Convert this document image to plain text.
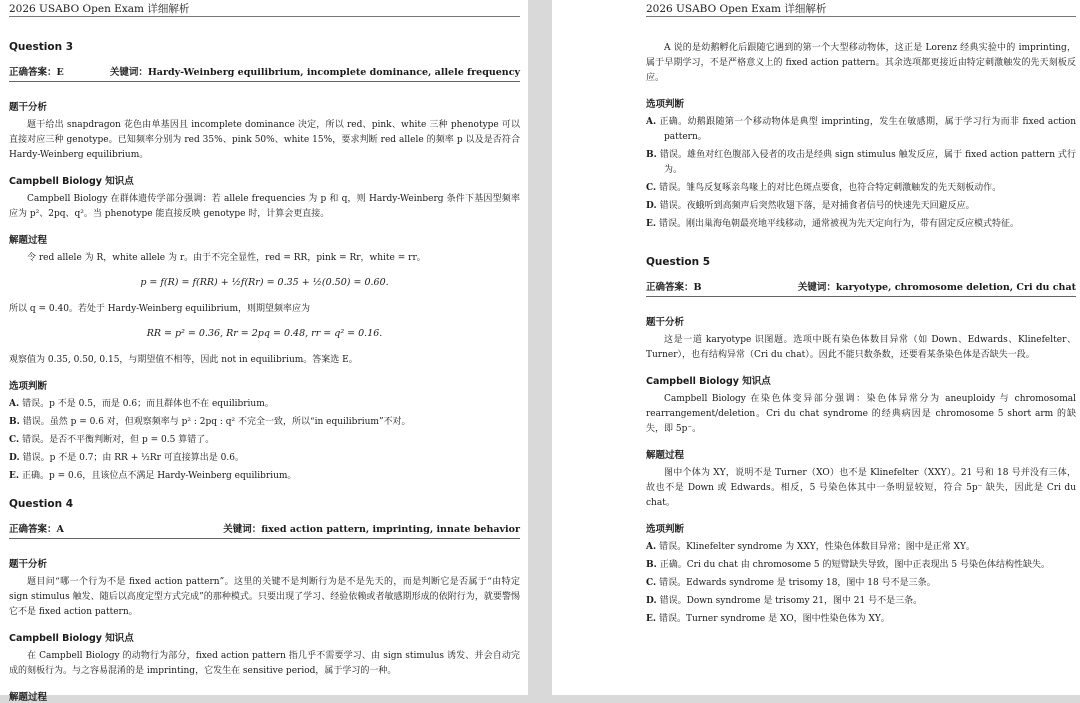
2026 USABO Open Exam 详细解析
Question 3
正确答案：E	关键词：Hardy-Weinberg equilibrium, incomplete dominance, allele frequency
题干分析

题干给出 snapdragon 花色由单基因且 incomplete dominance 决定，所以 red、pink、white 三种 phenotype 可以直接对应三种 genotype。已知频率分别为 red 35%、pink 50%、white 15%，要求判断 red allele 的频率 p 以及是否符合 Hardy-Weinberg equilibrium。

Campbell Biology 知识点

Campbell Biology 在群体遗传学部分强调：若 allele frequencies 为 p 和 q，则 Hardy-Weinberg 条件下基因型频率应为 p²、2pq、q²。当 phenotype 能直接反映 genotype 时，计算会更直接。

解题过程

令 red allele 为 R，white allele 为 r。由于不完全显性，red = RR，pink = Rr，white = rr。

p = f(R) = f(RR) + ½f(Rr) = 0.35 + ½(0.50) = 0.60.

所以 q = 0.40。若处于 Hardy-Weinberg equilibrium，则期望频率应为

RR = p² = 0.36, Rr = 2pq = 0.48, rr = q² = 0.16.

观察值为 0.35, 0.50, 0.15，与期望值不相等，因此 not in equilibrium。答案选 E。

选项判断
A. 错误。p 不是 0.5，而是 0.6；而且群体也不在 equilibrium。
B. 错误。虽然 p = 0.6 对，但观察频率与 p² : 2pq : q² 不完全一致，所以“in equilibrium”不对。
C. 错误。是否不平衡判断对，但 p = 0.5 算错了。
D. 错误。p 不是 0.7；由 RR + ½Rr 可直接算出是 0.6。
E. 正确。p = 0.6，且该位点不满足 Hardy-Weinberg equilibrium。
Question 4
正确答案：A	关键词：fixed action pattern, imprinting, innate behavior
题干分析

题目问“哪一个行为不是 fixed action pattern”。这里的关键不是判断行为是不是先天的，而是判断它是否属于“由特定 sign stimulus 触发、随后以高度定型方式完成”的那种模式。只要出现了学习、经验依赖或者敏感期形成的依附行为，就要警惕它不是 fixed action pattern。

Campbell Biology 知识点

在 Campbell Biology 的动物行为部分，fixed action pattern 指几乎不需要学习、由 sign stimulus 诱发、并会自动完成的刻板行为。与之容易混淆的是 imprinting，它发生在 sensitive period，属于学习的一种。

解题过程
2026 USABO Open Exam 详细解析

A 说的是幼鹅孵化后跟随它遇到的第一个大型移动物体，这正是 Lorenz 经典实验中的 imprinting，属于早期学习，不是严格意义上的 fixed action pattern。其余选项都更接近由特定刺激触发的先天刻板反应。

选项判断
A. 正确。幼鹅跟随第一个移动物体是典型 imprinting，发生在敏感期，属于学习行为而非 fixed action pattern。
B. 错误。雄鱼对红色腹部入侵者的攻击是经典 sign stimulus 触发反应，属于 fixed action pattern 式行为。
C. 错误。雏鸟反复啄亲鸟喙上的对比色斑点要食，也符合特定刺激触发的先天刻板动作。
D. 错误。夜蛾听到高频声后突然收翅下落，是对捕食者信号的快速先天回避反应。
E. 错误。刚出巢海龟朝最亮地平线移动，通常被视为先天定向行为，带有固定反应模式特征。
Question 5
正确答案：B	关键词：karyotype, chromosome deletion, Cri du chat
题干分析

这是一道 karyotype 识图题。选项中既有染色体数目异常（如 Down、Edwards、Klinefelter、Turner），也有结构异常（Cri du chat）。因此不能只数条数，还要看某条染色体是否缺失一段。

Campbell Biology 知识点

Campbell Biology 在染色体变异部分强调：染色体异常分为 aneuploidy 与 chromosomal rearrangement/deletion。Cri du chat syndrome 的经典病因是 chromosome 5 short arm 的缺失，即 5p⁻。

解题过程

图中个体为 XY，说明不是 Turner（XO）也不是 Klinefelter（XXY）。21 号和 18 号并没有三体，故也不是 Down 或 Edwards。相反，5 号染色体其中一条明显较短，符合 5p⁻ 缺失，因此是 Cri du chat。

选项判断
A. 错误。Klinefelter syndrome 为 XXY，性染色体数目异常；图中是正常 XY。
B. 正确。Cri du chat 由 chromosome 5 的短臂缺失导致，图中正表现出 5 号染色体结构性缺失。
C. 错误。Edwards syndrome 是 trisomy 18，图中 18 号不是三条。
D. 错误。Down syndrome 是 trisomy 21，图中 21 号不是三条。
E. 错误。Turner syndrome 是 XO，图中性染色体为 XY。
